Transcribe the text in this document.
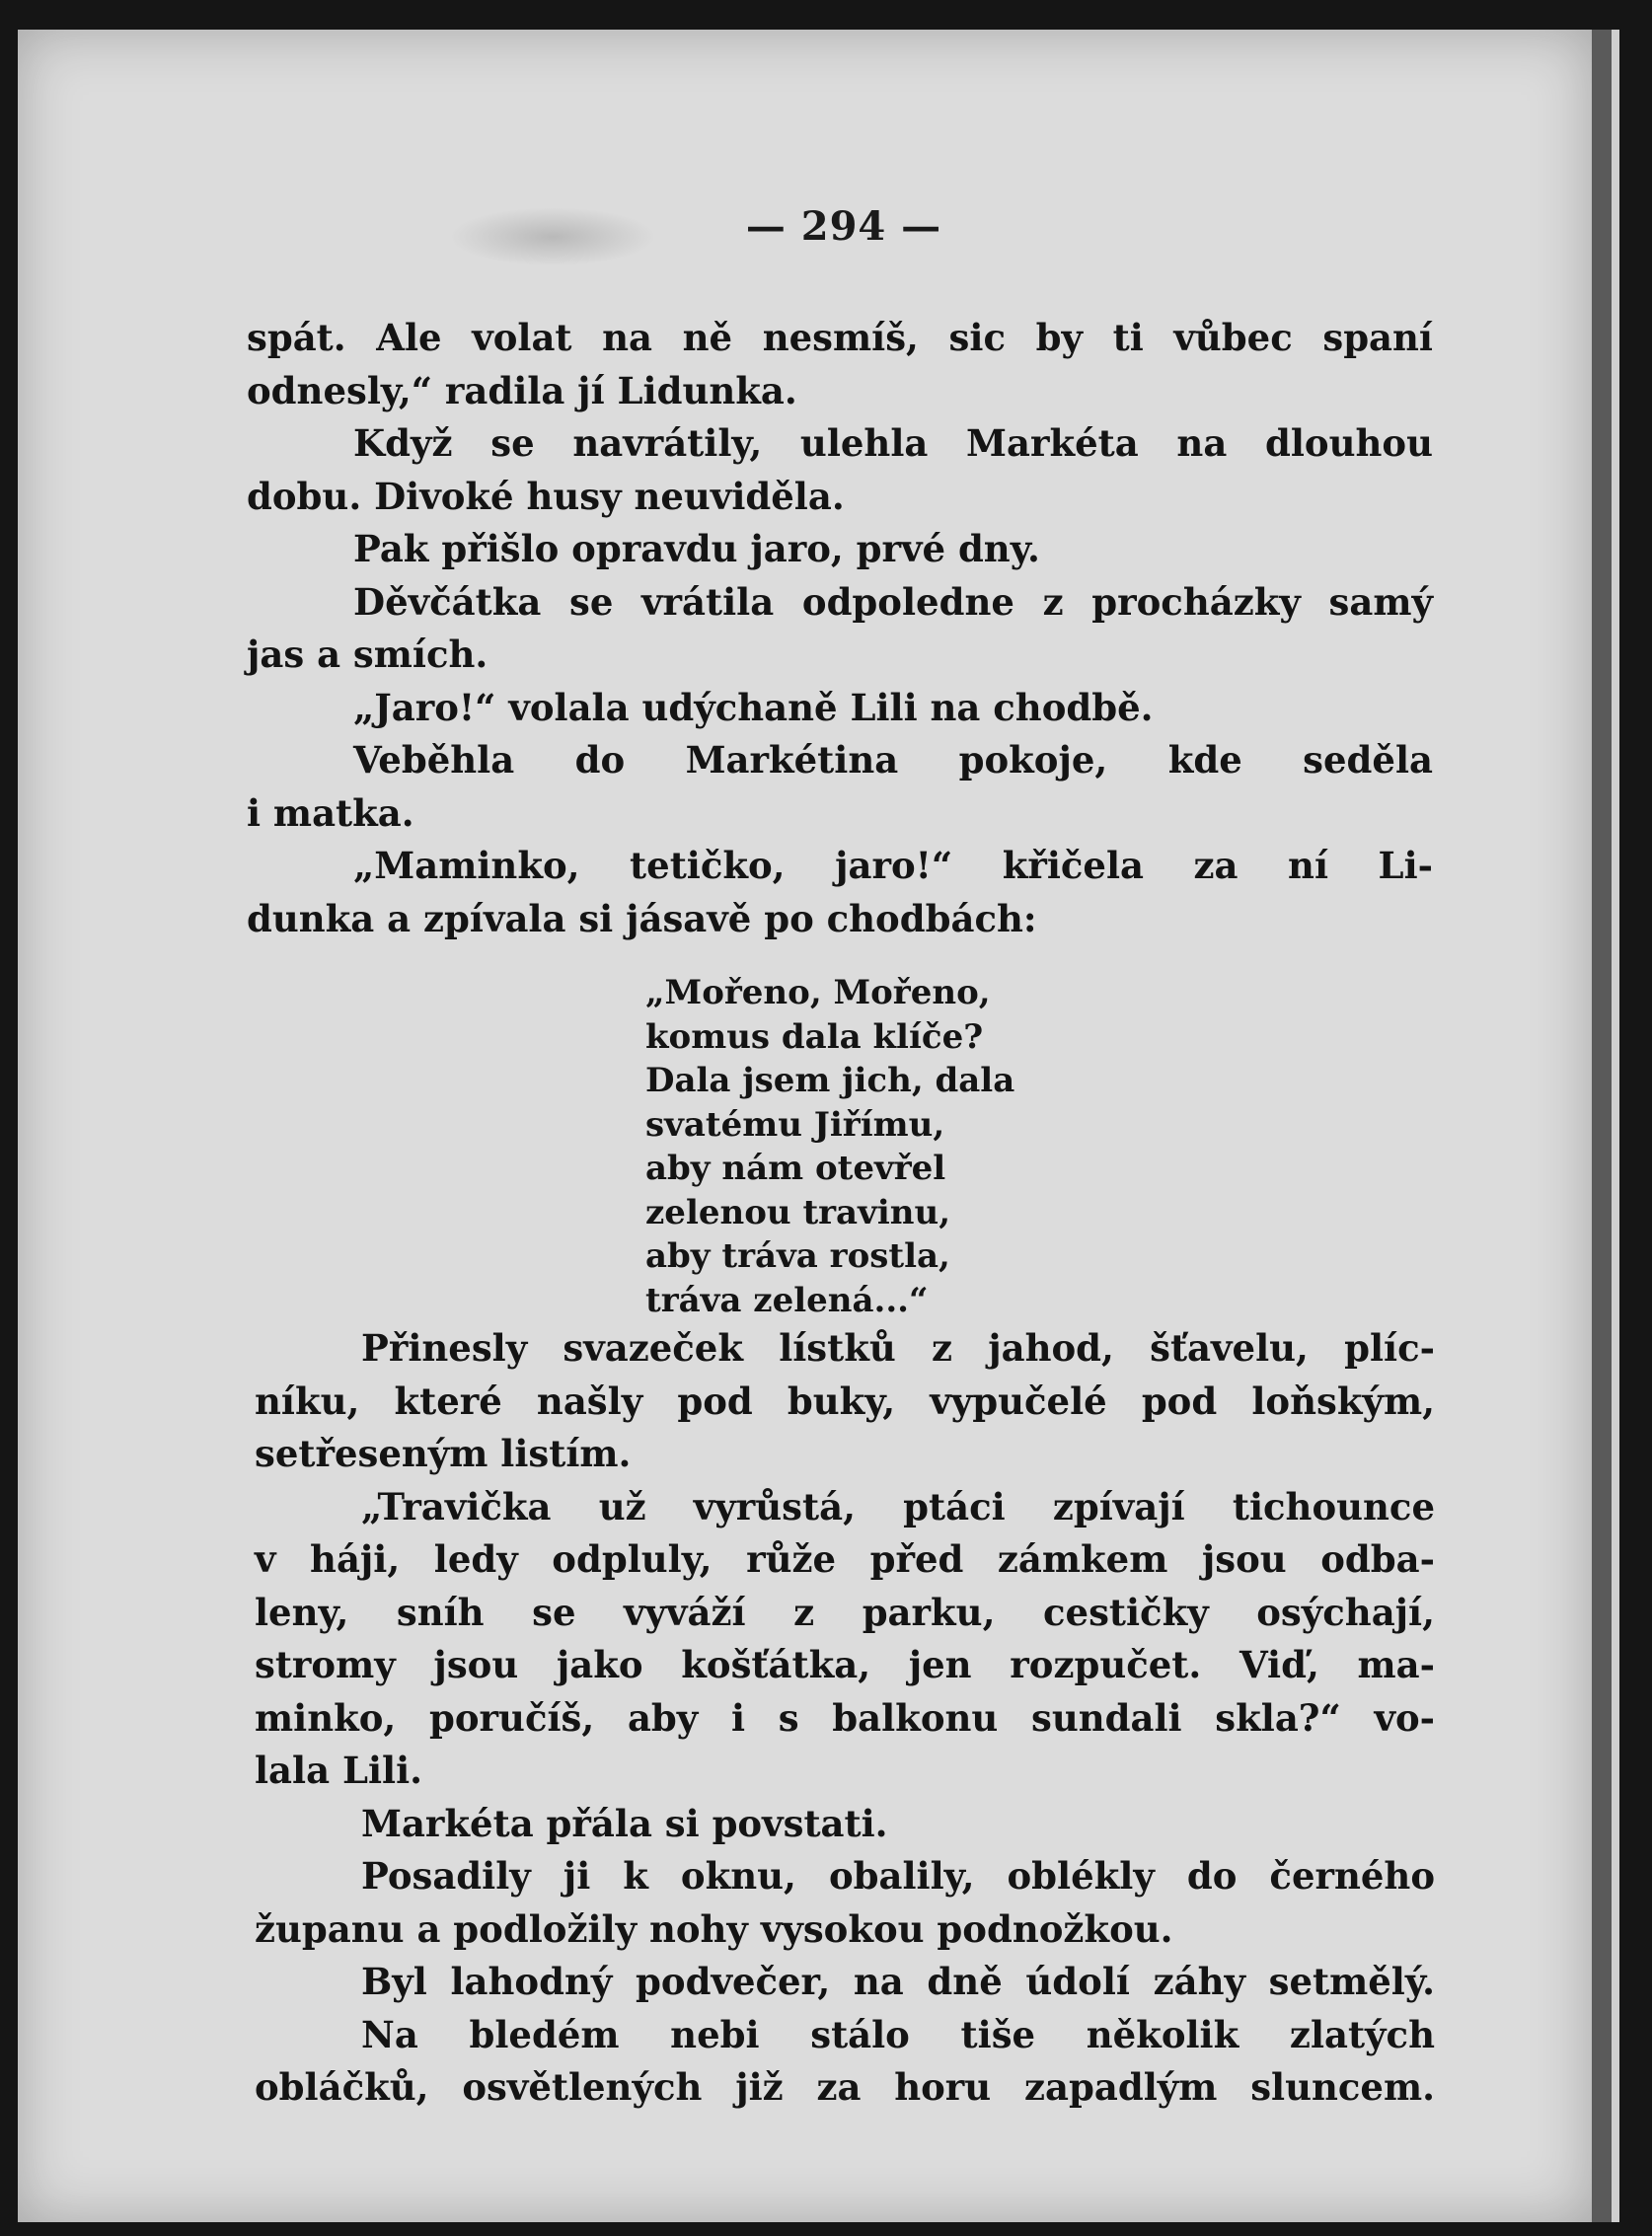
— 294 —
spát. Ale volat na ně nesmíš, sic by ti vůbec spaní
odnesly,“ radila jí Lidunka.
Když se navrátily, ulehla Markéta na dlouhou
dobu. Divoké husy neuviděla.
Pak přišlo opravdu jaro, prvé dny.
Děvčátka se vrátila odpoledne z procházky samý
jas a smích.
„Jaro!“ volala udýchaně Lili na chodbě.
Veběhla do Markétina pokoje, kde seděla
i matka.
„Maminko, tetičko, jaro!“ křičela za ní Li-
dunka a zpívala si jásavě po chodbách:
„Mořeno, Mořeno,
komus dala klíče?
Dala jsem jich, dala
svatému Jiřímu,
aby nám otevřel
zelenou travinu,
aby tráva rostla,
tráva zelená...“
Přinesly svazeček lístků z jahod, šťavelu, plíc-
níku, které našly pod buky, vypučelé pod loňským,
setřeseným listím.
„Travička už vyrůstá, ptáci zpívají tichounce
v háji, ledy odpluly, růže před zámkem jsou odba-
leny, sníh se vyváží z parku, cestičky osýchají,
stromy jsou jako košťátka, jen rozpučet. Viď, ma-
minko, poručíš, aby i s balkonu sundali skla?“ vo-
lala Lili.
Markéta přála si povstati.
Posadily ji k oknu, obalily, oblékly do černého
županu a podložily nohy vysokou podnožkou.
Byl lahodný podvečer, na dně údolí záhy setmělý.
Na bledém nebi stálo tiše několik zlatých
obláčků, osvětlených již za horu zapadlým sluncem.
